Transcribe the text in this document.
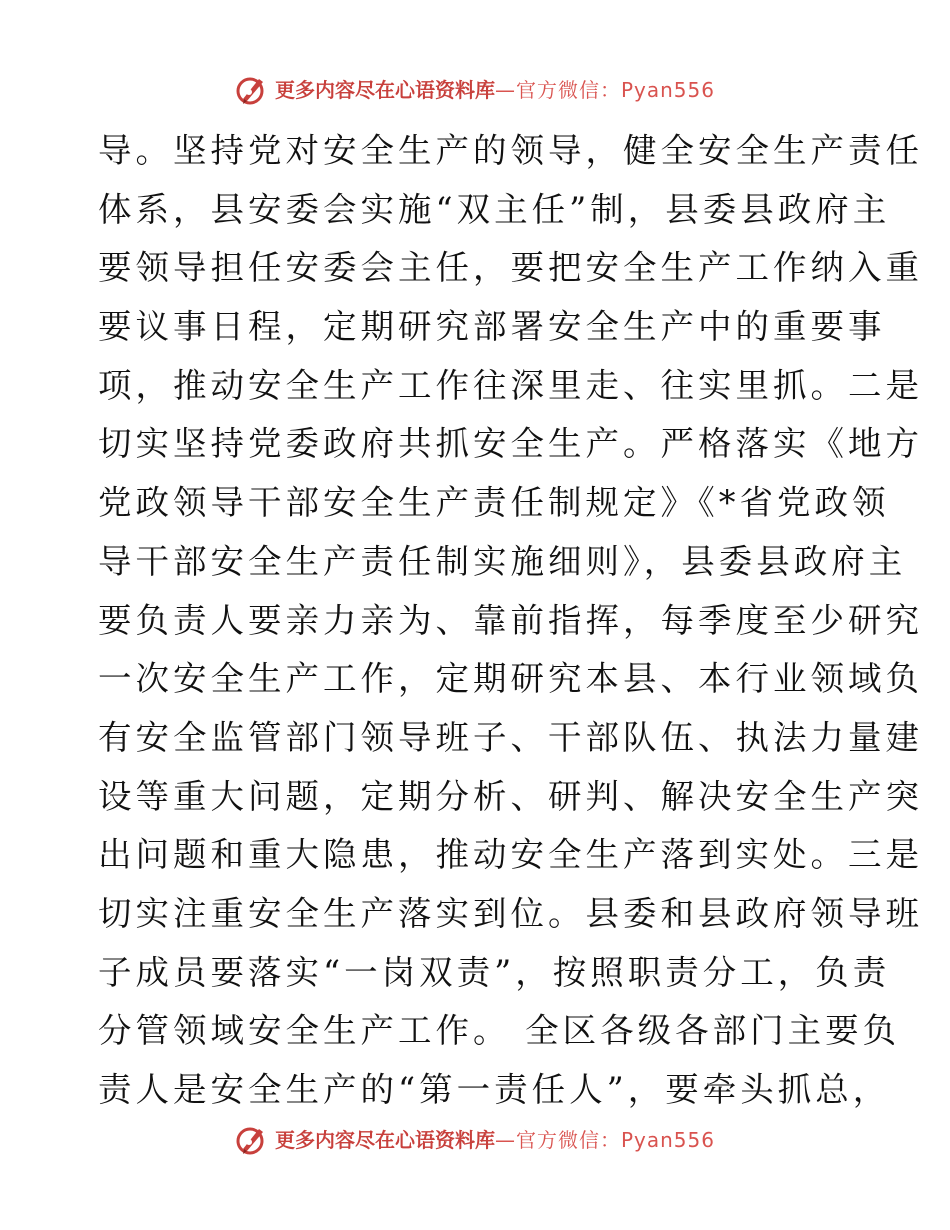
更多内容尽在心语资料库 —官方微信：Pyan556
导。坚持党对安全生产的领导，健全安全生产责任
体系，县安委会实施“双主任”制，县委县政府主
要领导担任安委会主任，要把安全生产工作纳入重
要议事日程，定期研究部署安全生产中的重要事
项，推动安全生产工作往深里走、往实里抓。二是
切实坚持党委政府共抓安全生产。严格落实《地方
党政领导干部安全生产责任制规定》《*省党政领
导干部安全生产责任制实施细则》，县委县政府主
要负责人要亲力亲为、靠前指挥，每季度至少研究
一次安全生产工作，定期研究本县、本行业领域负
有安全监管部门领导班子、干部队伍、执法力量建
设等重大问题，定期分析、研判、解决安全生产突
出问题和重大隐患，推动安全生产落到实处。三是
切实注重安全生产落实到位。县委和县政府领导班
子成员要落实“一岗双责”，按照职责分工，负责
分管领域安全生产工作。 全区各级各部门主要负
责人是安全生产的“第一责任人”，要牵头抓总，
更多内容尽在心语资料库 —官方微信：Pyan556
